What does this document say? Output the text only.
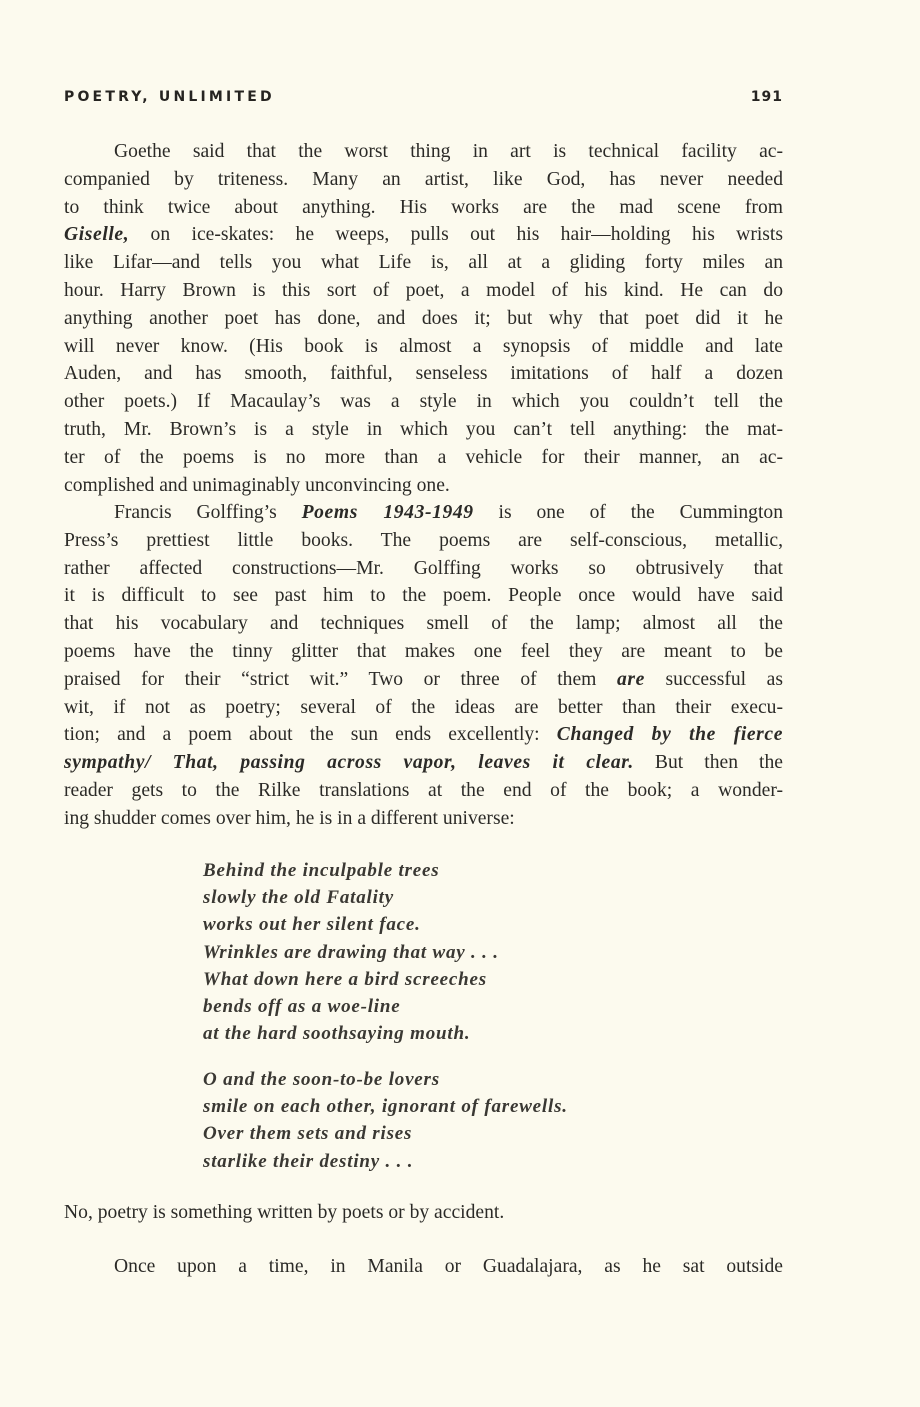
POETRY, UNLIMITED	191
Goethe said that the worst thing in art is technical facility ac-
companied by triteness. Many an artist, like God, has never needed
to think twice about anything. His works are the mad scene from
Giselle, on ice-skates: he weeps, pulls out his hair—holding his wrists
like Lifar—and tells you what Life is, all at a gliding forty miles an
hour. Harry Brown is this sort of poet, a model of his kind. He can do
anything another poet has done, and does it; but why that poet did it he
will never know. (His book is almost a synopsis of middle and late
Auden, and has smooth, faithful, senseless imitations of half a dozen
other poets.) If Macaulay’s was a style in which you couldn’t tell the
truth, Mr. Brown’s is a style in which you can’t tell anything: the mat-
ter of the poems is no more than a vehicle for their manner, an ac-
complished and unimaginably unconvincing one.
Francis Golffing’s Poems 1943-1949 is one of the Cummington
Press’s prettiest little books. The poems are self-conscious, metallic,
rather affected constructions—Mr. Golffing works so obtrusively that
it is difficult to see past him to the poem. People once would have said
that his vocabulary and techniques smell of the lamp; almost all the
poems have the tinny glitter that makes one feel they are meant to be
praised for their “strict wit.” Two or three of them are successful as
wit, if not as poetry; several of the ideas are better than their execu-
tion; and a poem about the sun ends excellently: Changed by the fierce
sympathy/ That, passing across vapor, leaves it clear. But then the
reader gets to the Rilke translations at the end of the book; a wonder-
ing shudder comes over him, he is in a different universe:
Behind the inculpable trees
slowly the old Fatality
works out her silent face.
Wrinkles are drawing that way . . .
What down here a bird screeches
bends off as a woe-line
at the hard soothsaying mouth.
O and the soon-to-be lovers
smile on each other, ignorant of farewells.
Over them sets and rises
starlike their destiny . . .
No, poetry is something written by poets or by accident.
Once upon a time, in Manila or Guadalajara, as he sat outside
